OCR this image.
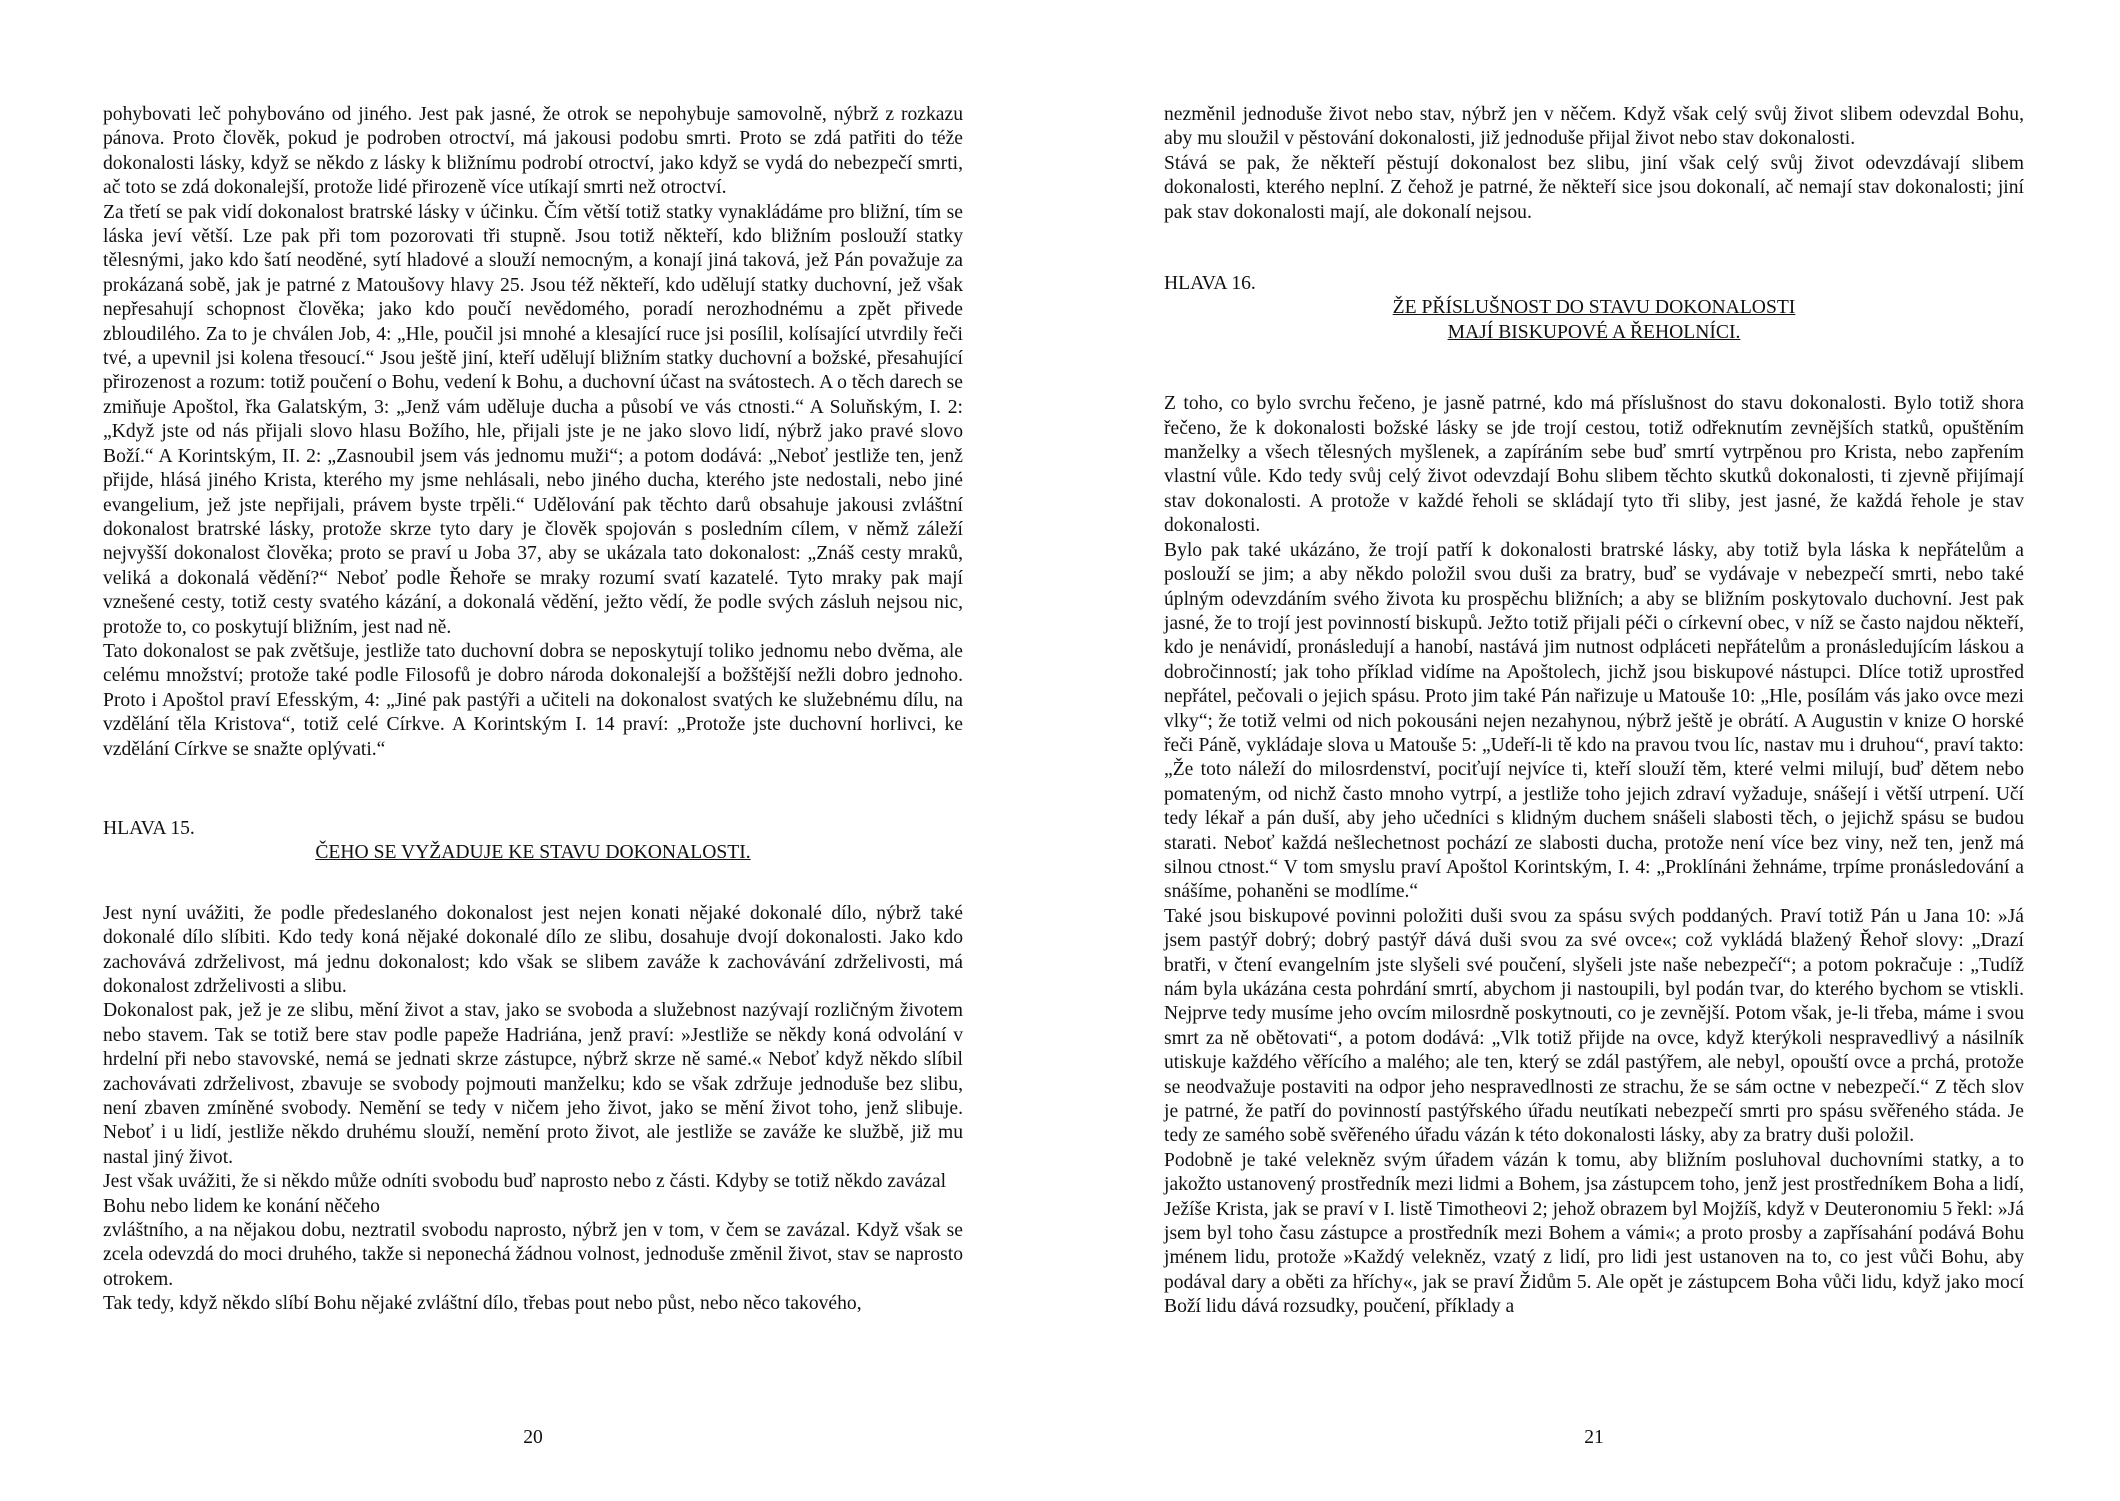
pohybovati leč pohybováno od jiného. Jest pak jasné, že otrok se nepohybuje samovolně, nýbrž z rozkazu pánova. Proto člověk, pokud je podroben otroctví, má jakousi podobu smrti. Proto se zdá patřiti do téže dokonalosti lásky, když se někdo z lásky k bližnímu podrobí otroctví, jako když se vydá do nebezpečí smrti, ač toto se zdá dokonalejší, protože lidé přirozeně více utíkají smrti než otroctví.

Za třetí se pak vidí dokonalost bratrské lásky v účinku. Čím větší totiž statky vynakládáme pro bližní, tím se láska jeví větší. Lze pak při tom pozorovati tři stupně. Jsou totiž někteří, kdo bližním poslouží statky tělesnými, jako kdo šatí neoděné, sytí hladové a slouží nemocným, a konají jiná taková, jež Pán považuje za prokázaná sobě, jak je patrné z Matoušovy hlavy 25. Jsou též někteří, kdo udělují statky duchovní, jež však nepřesahují schopnost člověka; jako kdo poučí nevědomého, poradí nerozhodnému a zpět přivede zbloudilého. Za to je chválen Job, 4: „Hle, poučil jsi mnohé a klesající ruce jsi posílil, kolísající utvrdily řeči tvé, a upevnil jsi kolena třesoucí.“ Jsou ještě jiní, kteří udělují bližním statky duchovní a božské, přesahující přirozenost a rozum: totiž poučení o Bohu, vedení k Bohu, a duchovní účast na svátostech. A o těch darech se zmiňuje Apoštol, řka Galatským, 3: „Jenž vám uděluje ducha a působí ve vás ctnosti.“ A Soluňským, I. 2: „Když jste od nás přijali slovo hlasu Božího, hle, přijali jste je ne jako slovo lidí, nýbrž jako pravé slovo Boží.“ A Korintským, II. 2: „Zasnoubil jsem vás jednomu muži“; a potom dodává: „Neboť jestliže ten, jenž přijde, hlásá jiného Krista, kterého my jsme nehlásali, nebo jiného ducha, kterého jste nedostali, nebo jiné evangelium, jež jste nepřijali, právem byste trpěli.“ Udělování pak těchto darů obsahuje jakousi zvláštní dokonalost bratrské lásky, protože skrze tyto dary je člověk spojován s posledním cílem, v němž záleží nejvyšší dokonalost člověka; proto se praví u Joba 37, aby se ukázala tato dokonalost: „Znáš cesty mraků, veliká a dokonalá vědění?“ Neboť podle Řehoře se mraky rozumí svatí kazatelé. Tyto mraky pak mají vznešené cesty, totiž cesty svatého kázání, a dokonalá vědění, ježto vědí, že podle svých zásluh nejsou nic, protože to, co poskytují bližním, jest nad ně.

Tato dokonalost se pak zvětšuje, jestliže tato duchovní dobra se neposkytují toliko jednomu nebo dvěma, ale celému množství; protože také podle Filosofů je dobro národa dokonalejší a božštější nežli dobro jednoho. Proto i Apoštol praví Efesským, 4: „Jiné pak pastýři a učiteli na dokonalost svatých ke služebnému dílu, na vzdělání těla Kristova“, totiž celé Církve. A Korintským I. 14 praví: „Protože jste duchovní horlivci, ke vzdělání Církve se snažte oplývati.“

HLAVA 15.

ČEHO SE VYŽADUJE KE STAVU DOKONALOSTI.

Jest nyní uvážiti, že podle předeslaného dokonalost jest nejen konati nějaké dokonalé dílo, nýbrž také dokonalé dílo slíbiti. Kdo tedy koná nějaké dokonalé dílo ze slibu, dosahuje dvojí dokonalosti. Jako kdo zachovává zdrželivost, má jednu dokonalost; kdo však se slibem zaváže k zachovávání zdrželivosti, má dokonalost zdrželivosti a slibu.

Dokonalost pak, jež je ze slibu, mění život a stav, jako se svoboda a služebnost nazývají rozličným životem nebo stavem. Tak se totiž bere stav podle papeže Hadriána, jenž praví: »Jestliže se někdy koná odvolání v hrdelní při nebo stavovské, nemá se jednati skrze zástupce, nýbrž skrze ně samé.« Neboť když někdo slíbil zachovávati zdrželivost, zbavuje se svobody pojmouti manželku; kdo se však zdržuje jednoduše bez slibu, není zbaven zmíněné svobody. Nemění se tedy v ničem jeho život, jako se mění život toho, jenž slibuje. Neboť i u lidí, jestliže někdo druhému slouží, nemění proto život, ale jestliže se zaváže ke službě, již mu nastal jiný život.

Jest však uvážiti, že si někdo může odníti svobodu buď naprosto nebo z části. Kdyby se totiž někdo zavázal Bohu nebo lidem ke konání něčeho

zvláštního, a na nějakou dobu, neztratil svobodu naprosto, nýbrž jen v tom, v čem se zavázal. Když však se zcela odevzdá do moci druhého, takže si neponechá žádnou volnost, jednoduše změnil život, stav se naprosto otrokem.

Tak tedy, když někdo slíbí Bohu nějaké zvláštní dílo, třebas pout nebo půst, nebo něco takového,

20

nezměnil jednoduše život nebo stav, nýbrž jen v něčem. Když však celý svůj život slibem odevzdal Bohu, aby mu sloužil v pěstování dokonalosti, již jednoduše přijal život nebo stav dokonalosti.

Stává se pak, že někteří pěstují dokonalost bez slibu, jiní však celý svůj život odevzdávají slibem dokonalosti, kterého neplní. Z čehož je patrné, že někteří sice jsou dokonalí, ač nemají stav dokonalosti; jiní pak stav dokonalosti mají, ale dokonalí nejsou.

HLAVA 16.

ŽE PŘÍSLUŠNOST DO STAVU DOKONALOSTI

MAJÍ BISKUPOVÉ A ŘEHOLNÍCI.

Z toho, co bylo svrchu řečeno, je jasně patrné, kdo má příslušnost do stavu dokonalosti. Bylo totiž shora řečeno, že k dokonalosti božské lásky se jde trojí cestou, totiž odřeknutím zevnějších statků, opuštěním manželky a všech tělesných myšlenek, a zapíráním sebe buď smrtí vytrpěnou pro Krista, nebo zapřením vlastní vůle. Kdo tedy svůj celý život odevzdají Bohu slibem těchto skutků dokonalosti, ti zjevně přijímají stav dokonalosti. A protože v každé řeholi se skládají tyto tři sliby, jest jasné, že každá řehole je stav dokonalosti.

Bylo pak také ukázáno, že trojí patří k dokonalosti bratrské lásky, aby totiž byla láska k nepřátelům a poslouží se jim; a aby někdo položil svou duši za bratry, buď se vydávaje v nebezpečí smrti, nebo také úplným odevzdáním svého života ku prospěchu bližních; a aby se bližním poskytovalo duchovní. Jest pak jasné, že to trojí jest povinností biskupů. Ježto totiž přijali péči o církevní obec, v níž se často najdou někteří, kdo je nenávidí, pronásledují a hanobí, nastává jim nutnost odpláceti nepřátelům a pronásledujícím láskou a dobročinností; jak toho příklad vidíme na Apoštolech, jichž jsou biskupové nástupci. Dlíce totiž uprostřed nepřátel, pečovali o jejich spásu. Proto jim také Pán nařizuje u Matouše 10: „Hle, posílám vás jako ovce mezi vlky“; že totiž velmi od nich pokousáni nejen nezahynou, nýbrž ještě je obrátí. A Augustin v knize O horské řeči Páně, vykládaje slova u Matouše 5: „Udeří-li tě kdo na pravou tvou líc, nastav mu i druhou“, praví takto: „Že toto náleží do milosrdenství, pociťují nejvíce ti, kteří slouží těm, které velmi milují, buď dětem nebo pomateným, od nichž často mnoho vytrpí, a jestliže toho jejich zdraví vyžaduje, snášejí i větší utrpení. Učí tedy lékař a pán duší, aby jeho učedníci s klidným duchem snášeli slabosti těch, o jejichž spásu se budou starati. Neboť každá nešlechetnost pochází ze slabosti ducha, protože není více bez viny, než ten, jenž má silnou ctnost.“ V tom smyslu praví Apoštol Korintským, I. 4: „Proklínáni žehnáme, trpíme pronásledování a snášíme, pohaněni se modlíme.“

Také jsou biskupové povinni položiti duši svou za spásu svých poddaných. Praví totiž Pán u Jana 10: »Já jsem pastýř dobrý; dobrý pastýř dává duši svou za své ovce«; což vykládá blažený Řehoř slovy: „Drazí bratři, v čtení evangelním jste slyšeli své poučení, slyšeli jste naše nebezpečí“; a potom pokračuje : „Tudíž nám byla ukázána cesta pohrdání smrtí, abychom ji nastoupili, byl podán tvar, do kterého bychom se vtiskli. Nejprve tedy musíme jeho ovcím milosrdně poskytnouti, co je zevnější. Potom však, je-li třeba, máme i svou smrt za ně obětovati“, a potom dodává: „Vlk totiž přijde na ovce, když kterýkoli nespravedlivý a násilník utiskuje každého věřícího a malého; ale ten, který se zdál pastýřem, ale nebyl, opouští ovce a prchá, protože se neodvažuje postaviti na odpor jeho nespravedlnosti ze strachu, že se sám octne v nebezpečí.“ Z těch slov je patrné, že patří do povinností pastýřského úřadu neutíkati nebezpečí smrti pro spásu svěřeného stáda. Je tedy ze samého sobě svěřeného úřadu vázán k této dokonalosti lásky, aby za bratry duši položil.

Podobně je také velekněz svým úřadem vázán k tomu, aby bližním posluhoval duchovními statky, a to jakožto ustanovený prostředník mezi lidmi a Bohem, jsa zástupcem toho, jenž jest prostředníkem Boha a lidí, Ježíše Krista, jak se praví v I. listě Timotheovi 2; jehož obrazem byl Mojžíš, když v Deuteronomiu 5 řekl: »Já jsem byl toho času zástupce a prostředník mezi Bohem a vámi«; a proto prosby a zapřísahání podává Bohu jménem lidu, protože »Každý velekněz, vzatý z lidí, pro lidi jest ustanoven na to, co jest vůči Bohu, aby podával dary a oběti za hříchy«, jak se praví Židům 5. Ale opět je zástupcem Boha vůči lidu, když jako mocí Boží lidu dává rozsudky, poučení, příklady a

21
